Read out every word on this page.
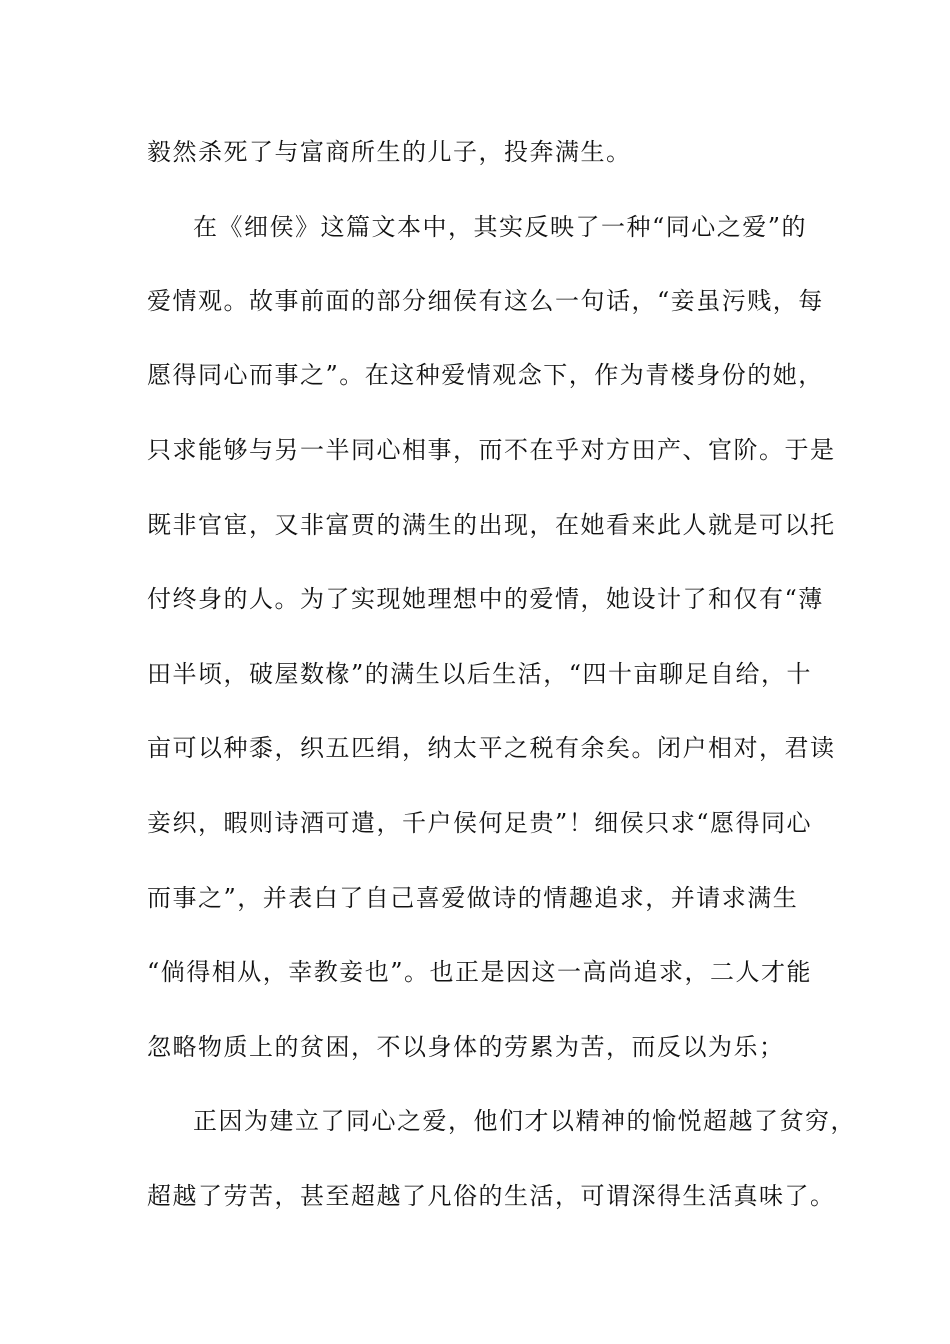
毅然杀死了与富商所生的儿子，投奔满生。
在《细侯》这篇文本中，其实反映了一种“同心之爱”的
爱情观。故事前面的部分细侯有这么一句话，“妾虽污贱，每
愿得同心而事之”。在这种爱情观念下，作为青楼身份的她，
只求能够与另一半同心相事，而不在乎对方田产、官阶。于是
既非官宦，又非富贾的满生的出现，在她看来此人就是可以托
付终身的人。为了实现她理想中的爱情，她设计了和仅有“薄
田半顷，破屋数椽”的满生以后生活，“四十亩聊足自给，十
亩可以种黍，织五匹绢，纳太平之税有余矣。闭户相对，君读
妾织，暇则诗酒可遣，千户侯何足贵”！细侯只求“愿得同心
而事之”，并表白了自己喜爱做诗的情趣追求，并请求满生
“倘得相从，幸教妾也”。也正是因这一高尚追求，二人才能
忽略物质上的贫困，不以身体的劳累为苦，而反以为乐；
正因为建立了同心之爱，他们才以精神的愉悦超越了贫穷，
超越了劳苦，甚至超越了凡俗的生活，可谓深得生活真味了。
